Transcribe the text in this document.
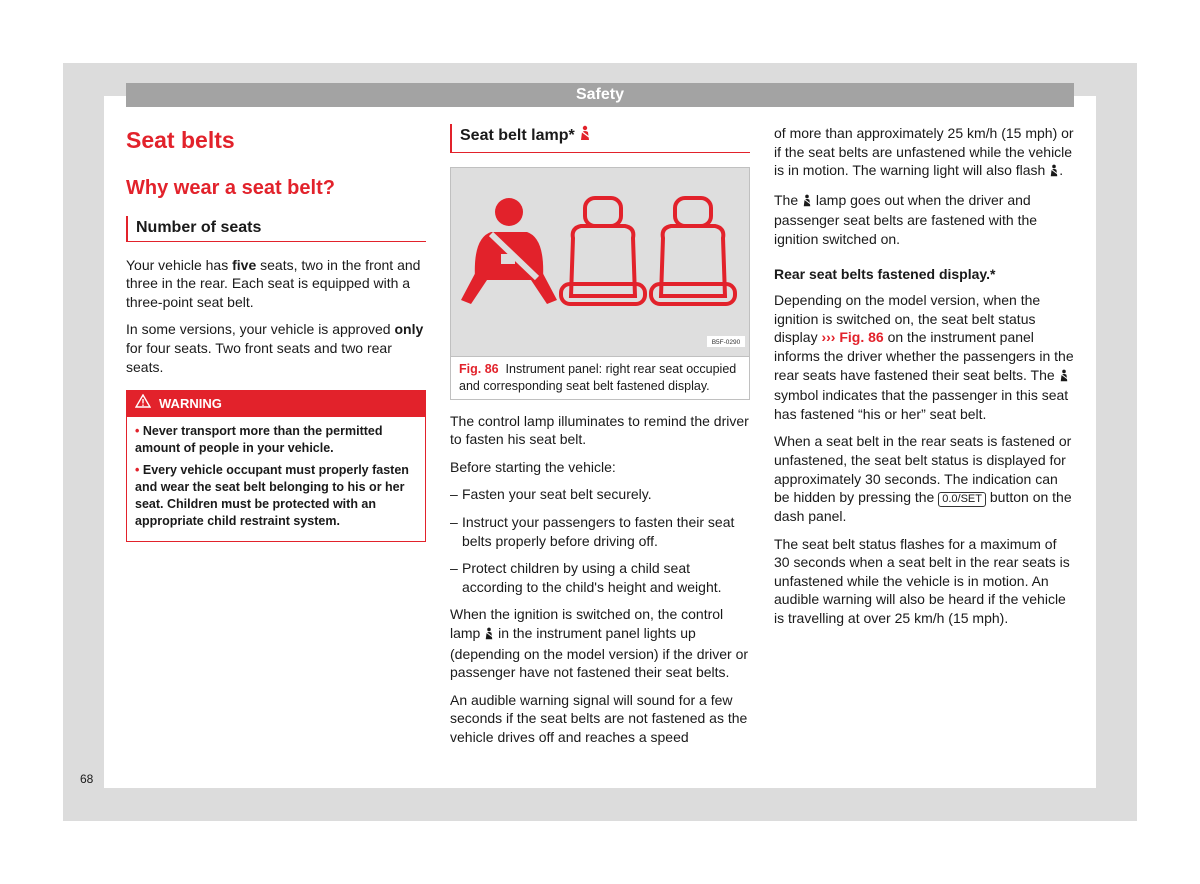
Safety
Seat belts
Why wear a seat belt?
Number of seats

Your vehicle has five seats, two in the front and three in the rear. Each seat is equipped with a three-point seat belt.

In some versions, your vehicle is approved only for four seats. Two front seats and two rear seats.

WARNING
• Never transport more than the permitted amount of people in your vehicle.
• Every vehicle occupant must properly fasten and wear the seat belt belonging to his or her seat. Children must be protected with an appropriate child restraint system.
Seat belt lamp*
B5F-0290
Fig. 86 Instrument panel: right rear seat occupied and corresponding seat belt fastened display.

The control lamp illuminates to remind the driver to fasten his seat belt.

Before starting the vehicle:

– Fasten your seat belt securely.
– Instruct your passengers to fasten their seat belts properly before driving off.
– Protect children by using a child seat according to the child's height and weight.

When the ignition is switched on, the control lamp  in the instrument panel lights up (depending on the model version) if the driver or passenger have not fastened their seat belts.

An audible warning signal will sound for a few seconds if the seat belts are not fastened as the vehicle drives off and reaches a speed

of more than approximately 25 km/h (15 mph) or if the seat belts are unfastened while the vehicle is in motion. The warning light will also flash .

The  lamp goes out when the driver and passenger seat belts are fastened with the ignition switched on.

Rear seat belts fastened display.*

Depending on the model version, when the ignition is switched on, the seat belt status display ››› Fig. 86 on the instrument panel informs the driver whether the passengers in the rear seats have fastened their seat belts. The  symbol indicates that the passenger in this seat has fastened “his or her” seat belt.

When a seat belt in the rear seats is fastened or unfastened, the seat belt status is displayed for approximately 30 seconds. The indication can be hidden by pressing the 0.0/SET button on the dash panel.

The seat belt status flashes for a maximum of 30 seconds when a seat belt in the rear seats is unfastened while the vehicle is in motion. An audible warning will also be heard if the vehicle is travelling at over 25 km/h (15 mph).

68
